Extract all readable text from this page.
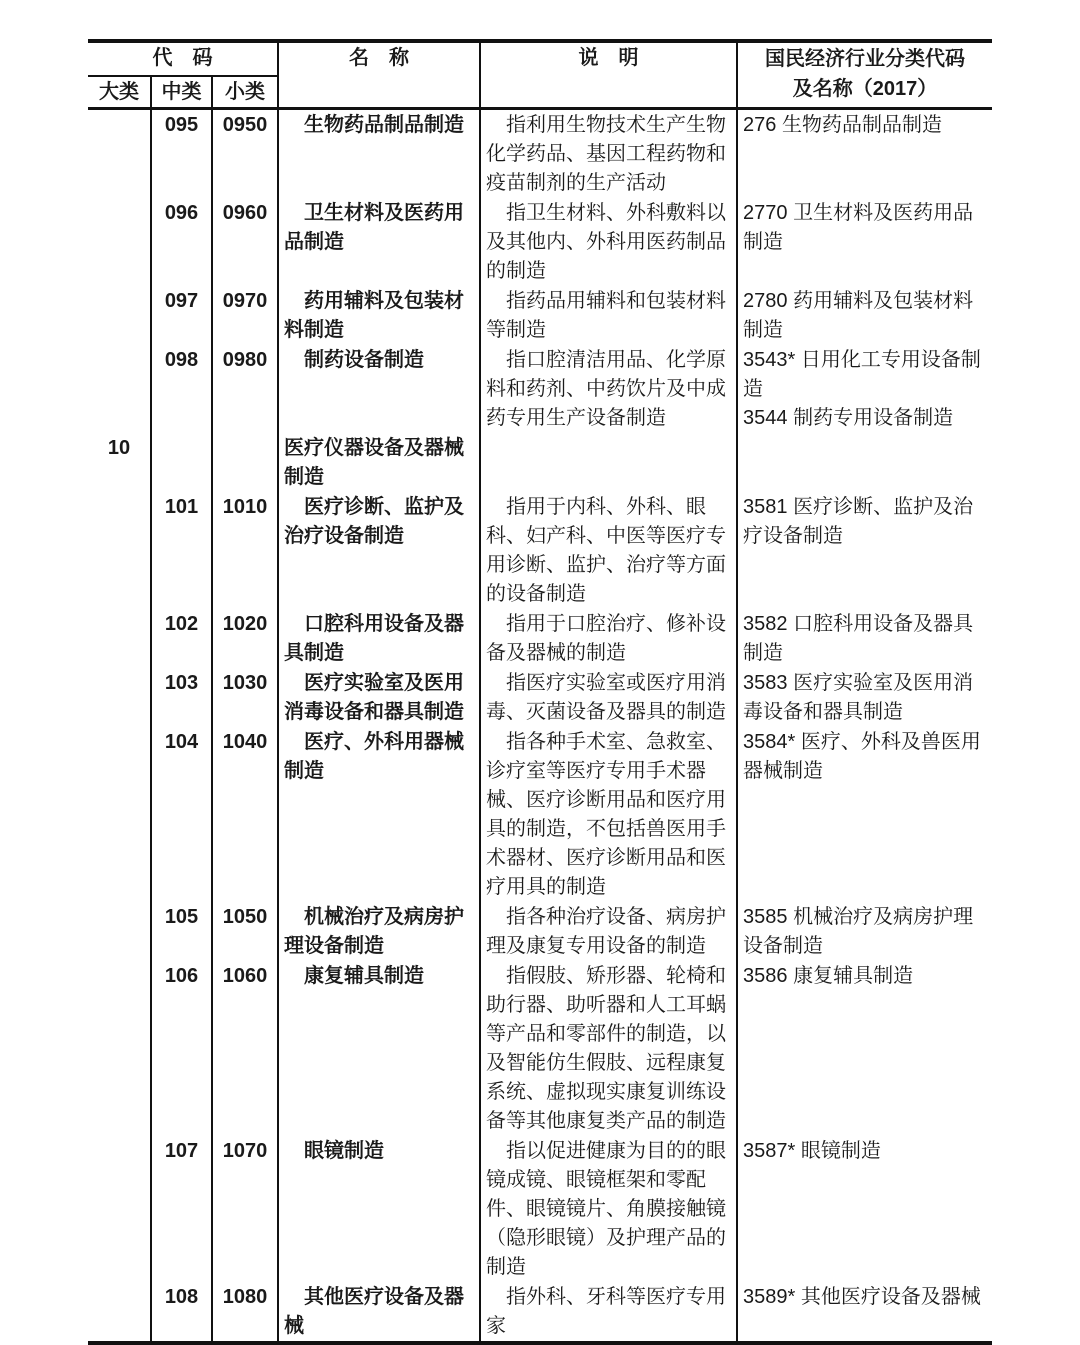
代　码			名　称	说　明	国民经济行业分类代码
及名称（2017）

大类	中类	小类			
	095	0950	生物药品制品制造	指利用生物技术生产生物化学药品、基因工程药物和疫苗制剂的生产活动	276 生物药品制品制造

	096	0960	卫生材料及医药用品制造	指卫生材料、外科敷料以及其他内、外科用医药制品的制造	2770 卫生材料及医药用品制造

	097	0970	药用辅料及包装材料制造	指药品用辅料和包装材料等制造	2780 药用辅料及包装材料制造

	098	0980	制药设备制造	指口腔清洁用品、化学原料和药剂、中药饮片及中成药专用生产设备制造	3543* 日用化工专用设备制造
3544 制药专用设备制造

10			医疗仪器设备及器械制造		
	101	1010	医疗诊断、监护及治疗设备制造	指用于内科、外科、眼科、妇产科、中医等医疗专用诊断、监护、治疗等方面的设备制造	3581 医疗诊断、监护及治疗设备制造

	102	1020	口腔科用设备及器具制造	指用于口腔治疗、修补设备及器械的制造	3582 口腔科用设备及器具制造

	103	1030	医疗实验室及医用消毒设备和器具制造	指医疗实验室或医疗用消毒、灭菌设备及器具的制造	3583 医疗实验室及医用消毒设备和器具制造

	104	1040	医疗、外科用器械制造	指各种手术室、急救室、诊疗室等医疗专用手术器械、医疗诊断用品和医疗用具的制造，不包括兽医用手术器材、医疗诊断用品和医疗用具的制造	3584* 医疗、外科及兽医用器械制造

	105	1050	机械治疗及病房护理设备制造	指各种治疗设备、病房护理及康复专用设备的制造	3585 机械治疗及病房护理设备制造

	106	1060	康复辅具制造	指假肢、矫形器、轮椅和助行器、助听器和人工耳蜗等产品和零部件的制造，以及智能仿生假肢、远程康复系统、虚拟现实康复训练设备等其他康复类产品的制造	3586 康复辅具制造

	107	1070	眼镜制造	指以促进健康为目的的眼镜成镜、眼镜框架和零配件、眼镜镜片、角膜接触镜（隐形眼镜）及护理产品的制造	3587* 眼镜制造

	108	1080	其他医疗设备及器械	指外科、牙科等医疗专用家	3589* 其他医疗设备及器械
